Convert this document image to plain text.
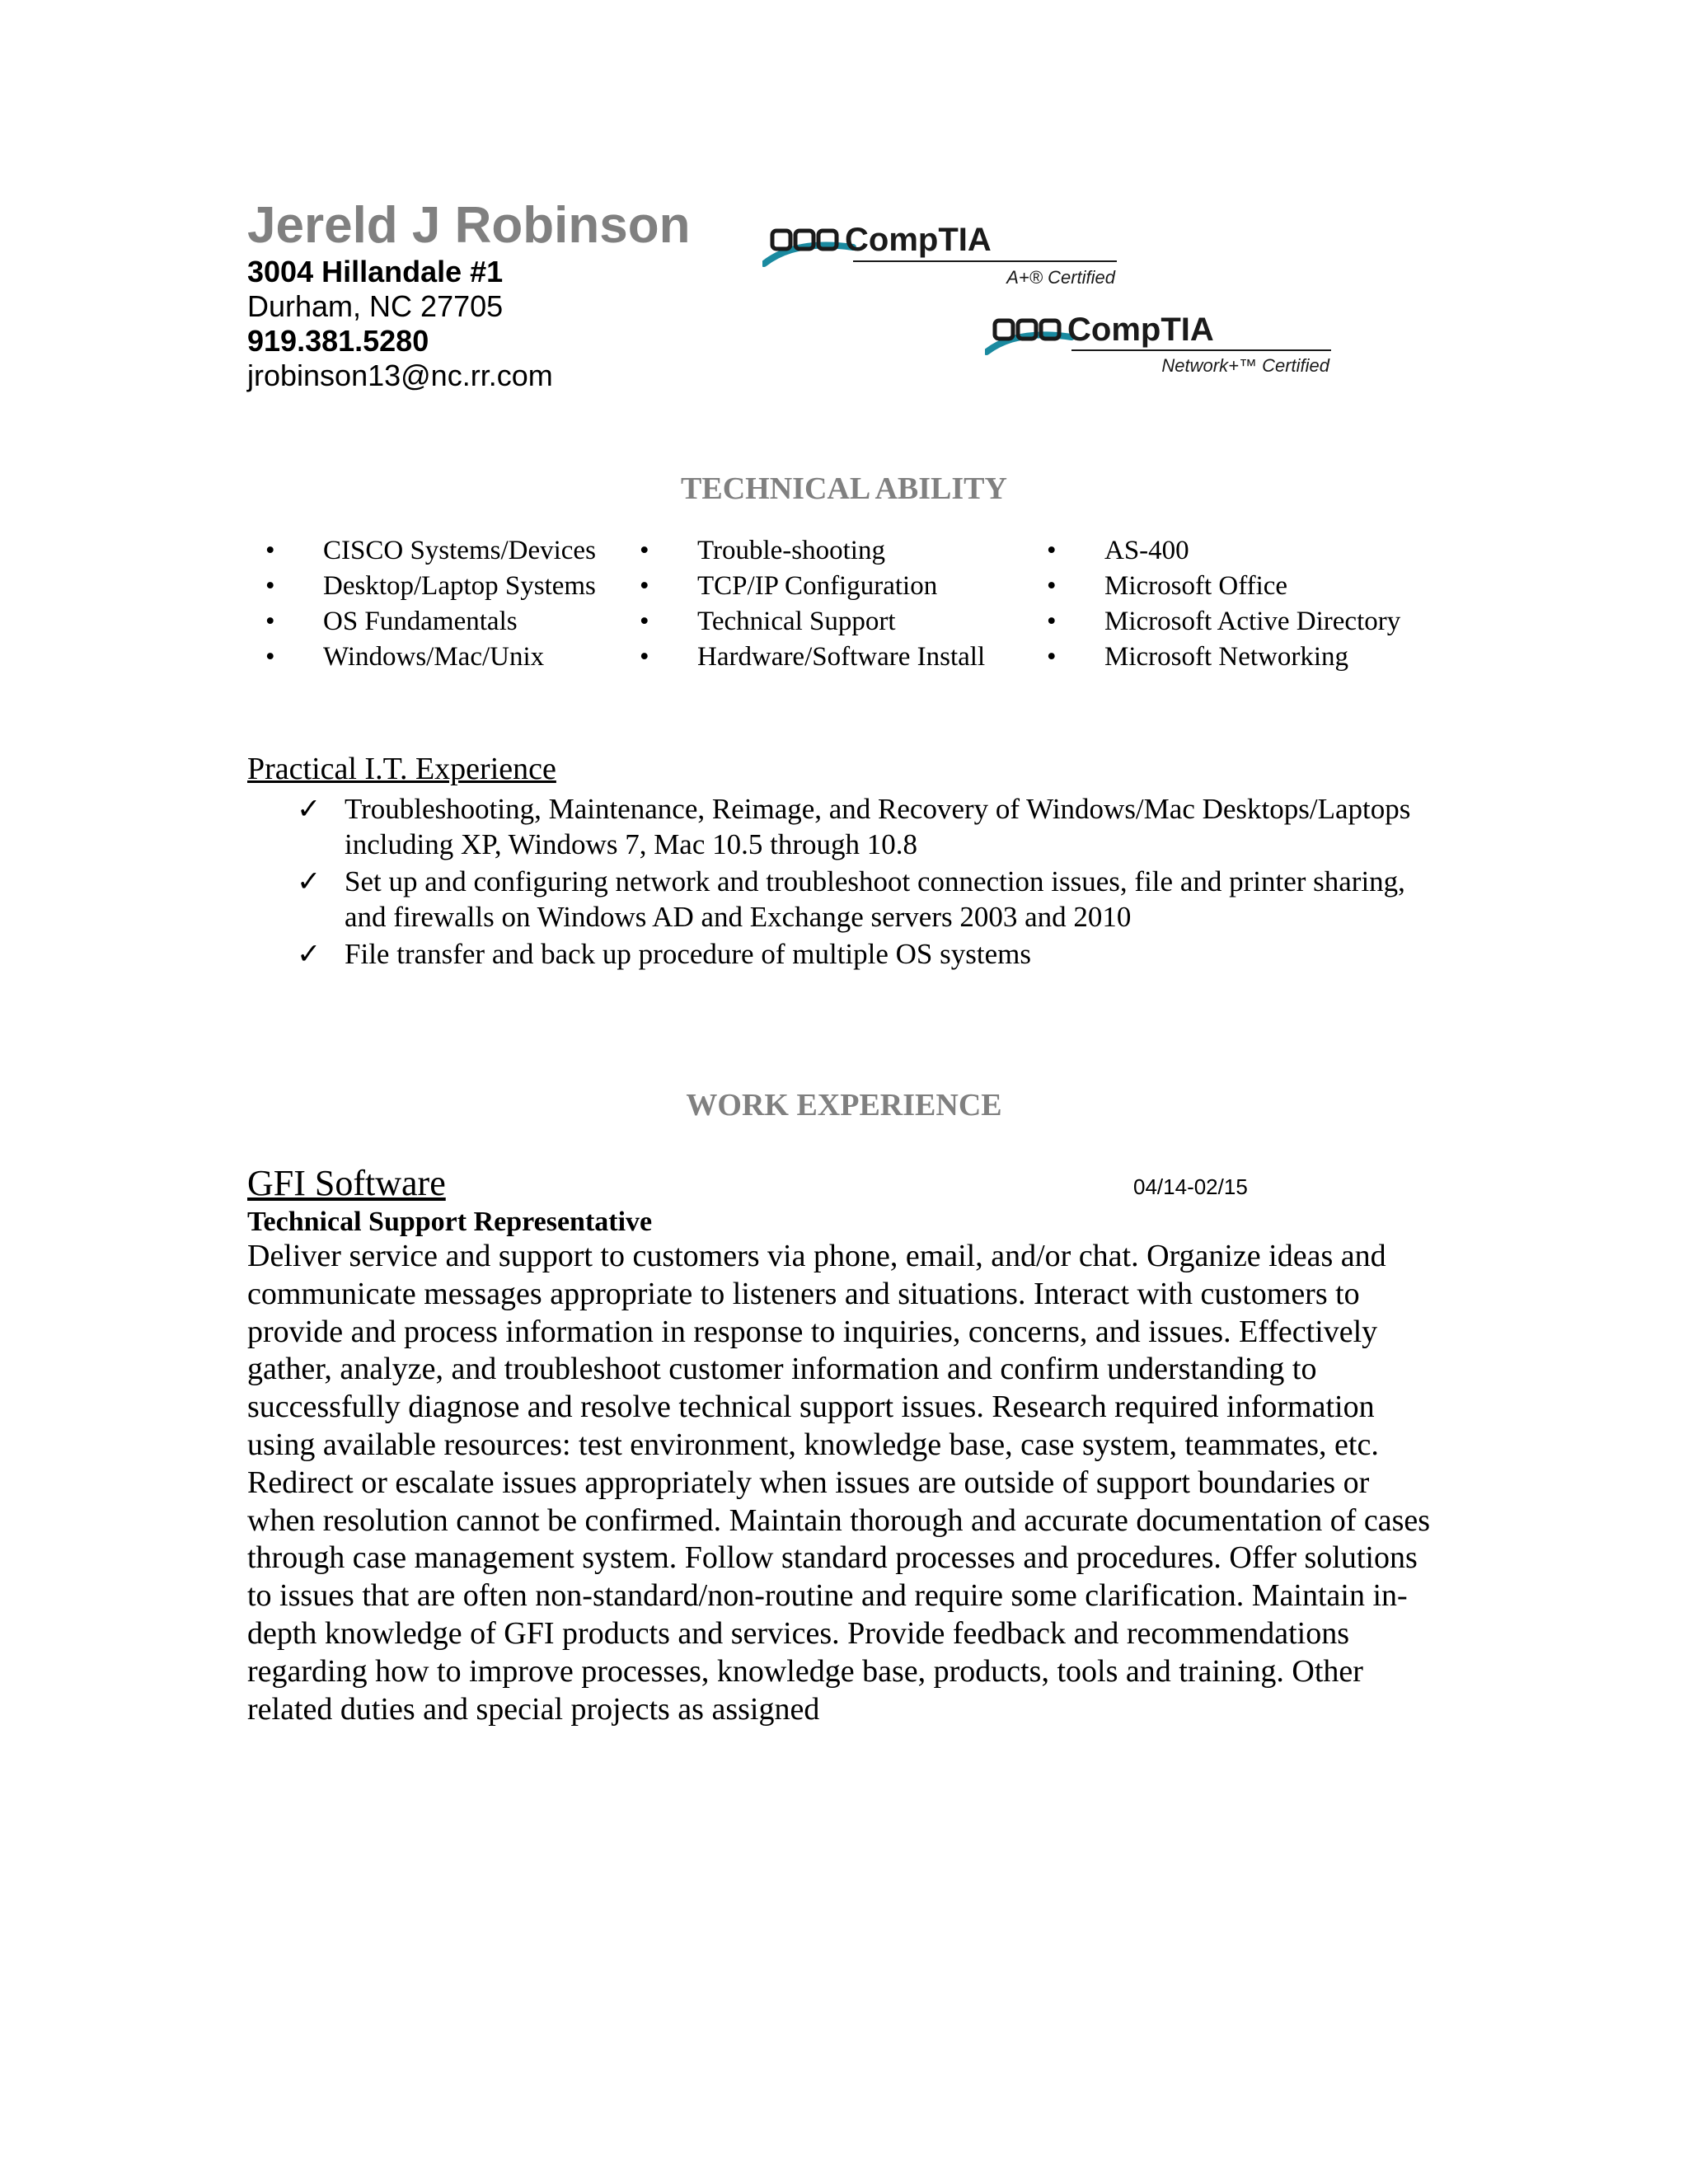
Jereld J Robinson
3004 Hillandale #1
Durham, NC 27705
919.381.5280
jrobinson13@nc.rr.com
CompTIA
A+® Certified
CompTIA
Network+™ Certified
TECHNICAL ABILITY
• CISCO Systems/Devices
• Desktop/Laptop Systems
• OS Fundamentals
• Windows/Mac/Unix
• Trouble-shooting
• TCP/IP Configuration
• Technical Support
• Hardware/Software Install
• AS-400
• Microsoft Office
• Microsoft Active Directory
• Microsoft Networking
Practical I.T. Experience
✓ Troubleshooting, Maintenance, Reimage, and Recovery of Windows/Mac Desktops/Laptops including XP, Windows 7, Mac 10.5 through 10.8
✓ Set up and configuring network and troubleshoot connection issues, file and printer sharing, and firewalls on Windows AD and Exchange servers 2003 and 2010
✓ File transfer and back up procedure of multiple OS systems
WORK EXPERIENCE
GFI Software	04/14-02/15
Technical Support Representative
Deliver service and support to customers via phone, email, and/or chat. Organize ideas and communicate messages appropriate to listeners and situations. Interact with customers to provide and process information in response to inquiries, concerns, and issues. Effectively gather, analyze, and troubleshoot customer information and confirm understanding to successfully diagnose and resolve technical support issues. Research required information using available resources: test environment, knowledge base, case system, teammates, etc. Redirect or escalate issues appropriately when issues are outside of support boundaries or when resolution cannot be confirmed. Maintain thorough and accurate documentation of cases through case management system. Follow standard processes and procedures. Offer solutions to issues that are often non-standard/non-routine and require some clarification. Maintain in-depth knowledge of GFI products and services. Provide feedback and recommendations regarding how to improve processes, knowledge base, products, tools and training. Other related duties and special projects as assigned
